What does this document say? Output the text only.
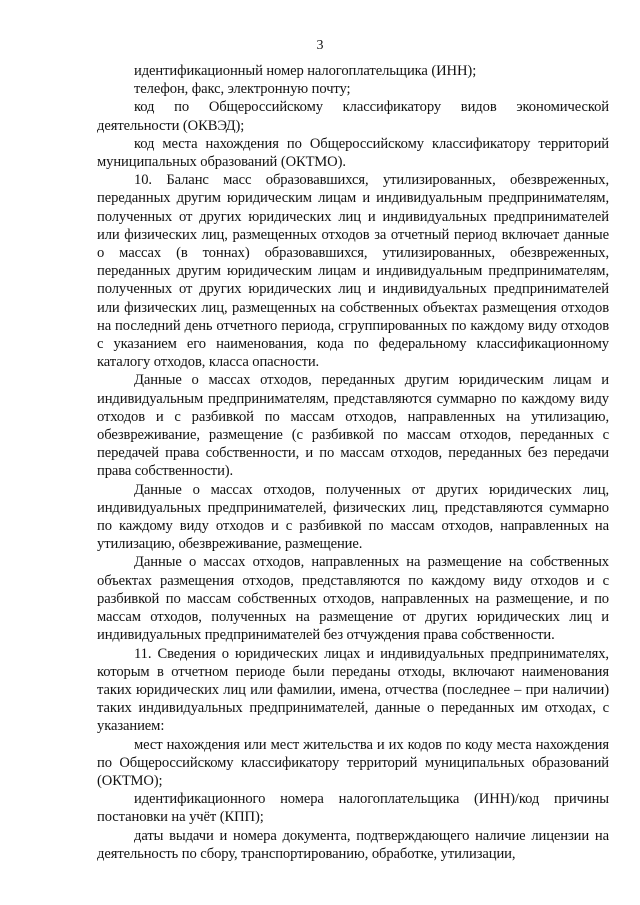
3

идентификационный номер налогоплательщика (ИНН);

телефон, факс, электронную почту;

код по Общероссийскому классификатору видов экономической деятельности (ОКВЭД);

код места нахождения по Общероссийскому классификатору территорий муниципальных образований (ОКТМО).

10. Баланс масс образовавшихся, утилизированных, обезвреженных, переданных другим юридическим лицам и индивидуальным предпринимателям, полученных от других юридических лиц и индивидуальных предпринимателей или физических лиц, размещенных отходов за отчетный период включает данные о массах (в тоннах) образовавшихся, утилизированных, обезвреженных, переданных другим юридическим лицам и индивидуальным предпринимателям, полученных от других юридических лиц и индивидуальных предпринимателей или физических лиц, размещенных на собственных объектах размещения отходов на последний день отчетного периода, сгруппированных по каждому виду отходов с указанием его наименования, кода по федеральному классификационному каталогу отходов, класса опасности.

Данные о массах отходов, переданных другим юридическим лицам и индивидуальным предпринимателям, представляются суммарно по каждому виду отходов и с разбивкой по массам отходов, направленных на утилизацию, обезвреживание, размещение (с разбивкой по массам отходов, переданных с передачей права собственности, и по массам отходов, переданных без передачи права собственности).

Данные о массах отходов, полученных от других юридических лиц, индивидуальных предпринимателей, физических лиц, представляются суммарно по каждому виду отходов и с разбивкой по массам отходов, направленных на утилизацию, обезвреживание, размещение.

Данные о массах отходов, направленных на размещение на собственных объектах размещения отходов, представляются по каждому виду отходов и с разбивкой по массам собственных отходов, направленных на размещение, и по массам отходов, полученных на размещение от других юридических лиц и индивидуальных предпринимателей без отчуждения права собственности.

11. Сведения о юридических лицах и индивидуальных предпринимателях, которым в отчетном периоде были переданы отходы, включают наименования таких юридических лиц или фамилии, имена, отчества (последнее – при наличии) таких индивидуальных предпринимателей, данные о переданных им отходах, с указанием:

мест нахождения или мест жительства и их кодов по коду места нахождения по Общероссийскому классификатору территорий муниципальных образований (ОКТМО);

идентификационного номера налогоплательщика (ИНН)/код причины постановки на учёт (КПП);

даты выдачи и номера документа, подтверждающего наличие лицензии на деятельность по сбору, транспортированию, обработке, утилизации,
